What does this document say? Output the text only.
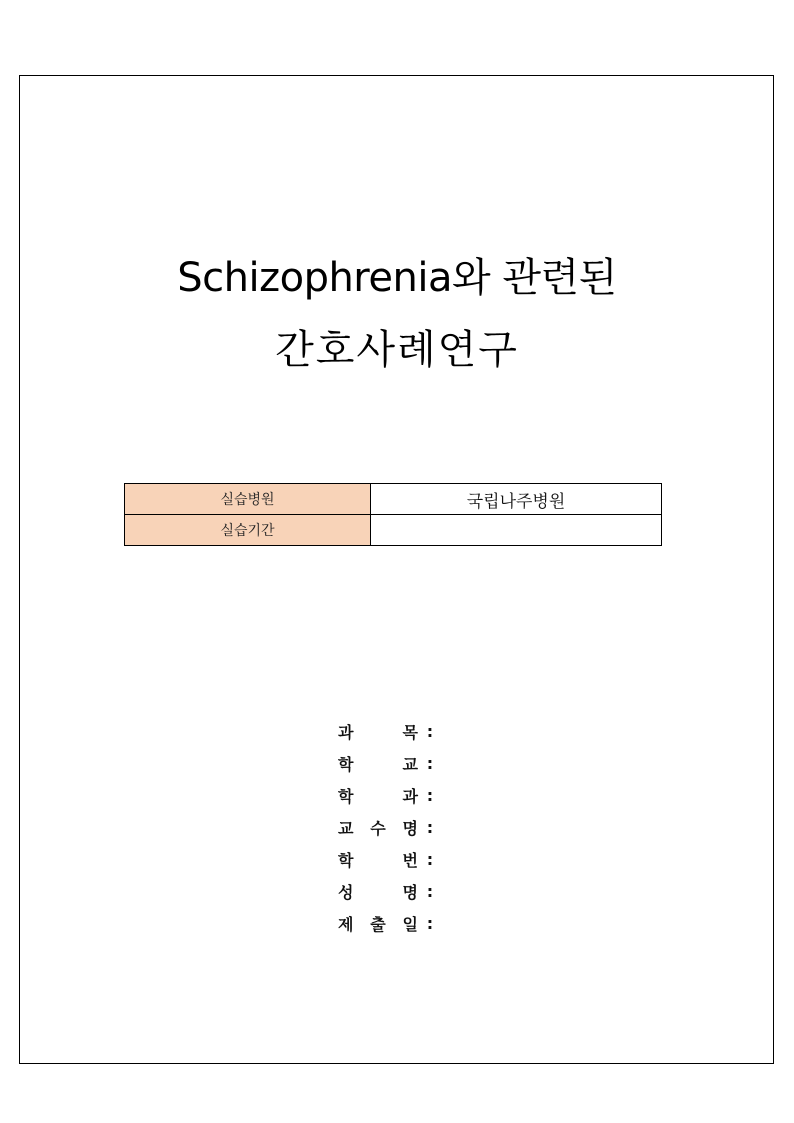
Schizophrenia와 관련된
간호사례연구
실습병원	국립나주병원
실습기간	
과	목 :
학	교 :
학	과 :
교 수 명 :
학	번 :
성	명 :
제 출 일 :
